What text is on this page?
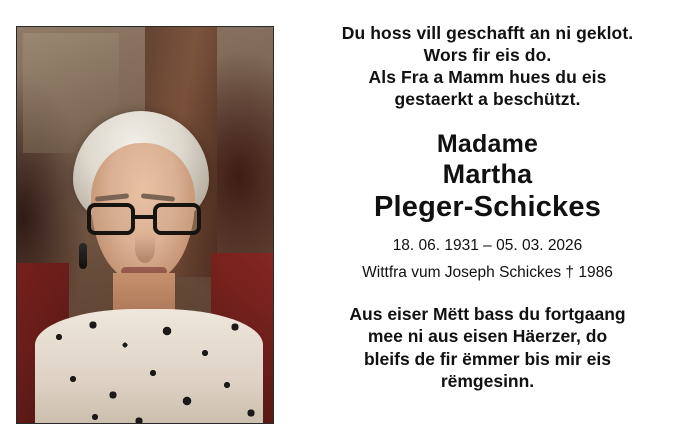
Du hoss vill geschafft an ni geklot.
Wors fir eis do.
Als Fra a Mamm hues du eis
gestaerkt a beschützt.
Madame
Martha
Pleger-Schickes
18. 06. 1931 – 05. 03. 2026
Wittfra vum Joseph Schickes † 1986
Aus eiser Mëtt bass du fortgaang
mee ni aus eisen Häerzer, do
bleifs de fir ëmmer bis mir eis
rëmgesinn.
